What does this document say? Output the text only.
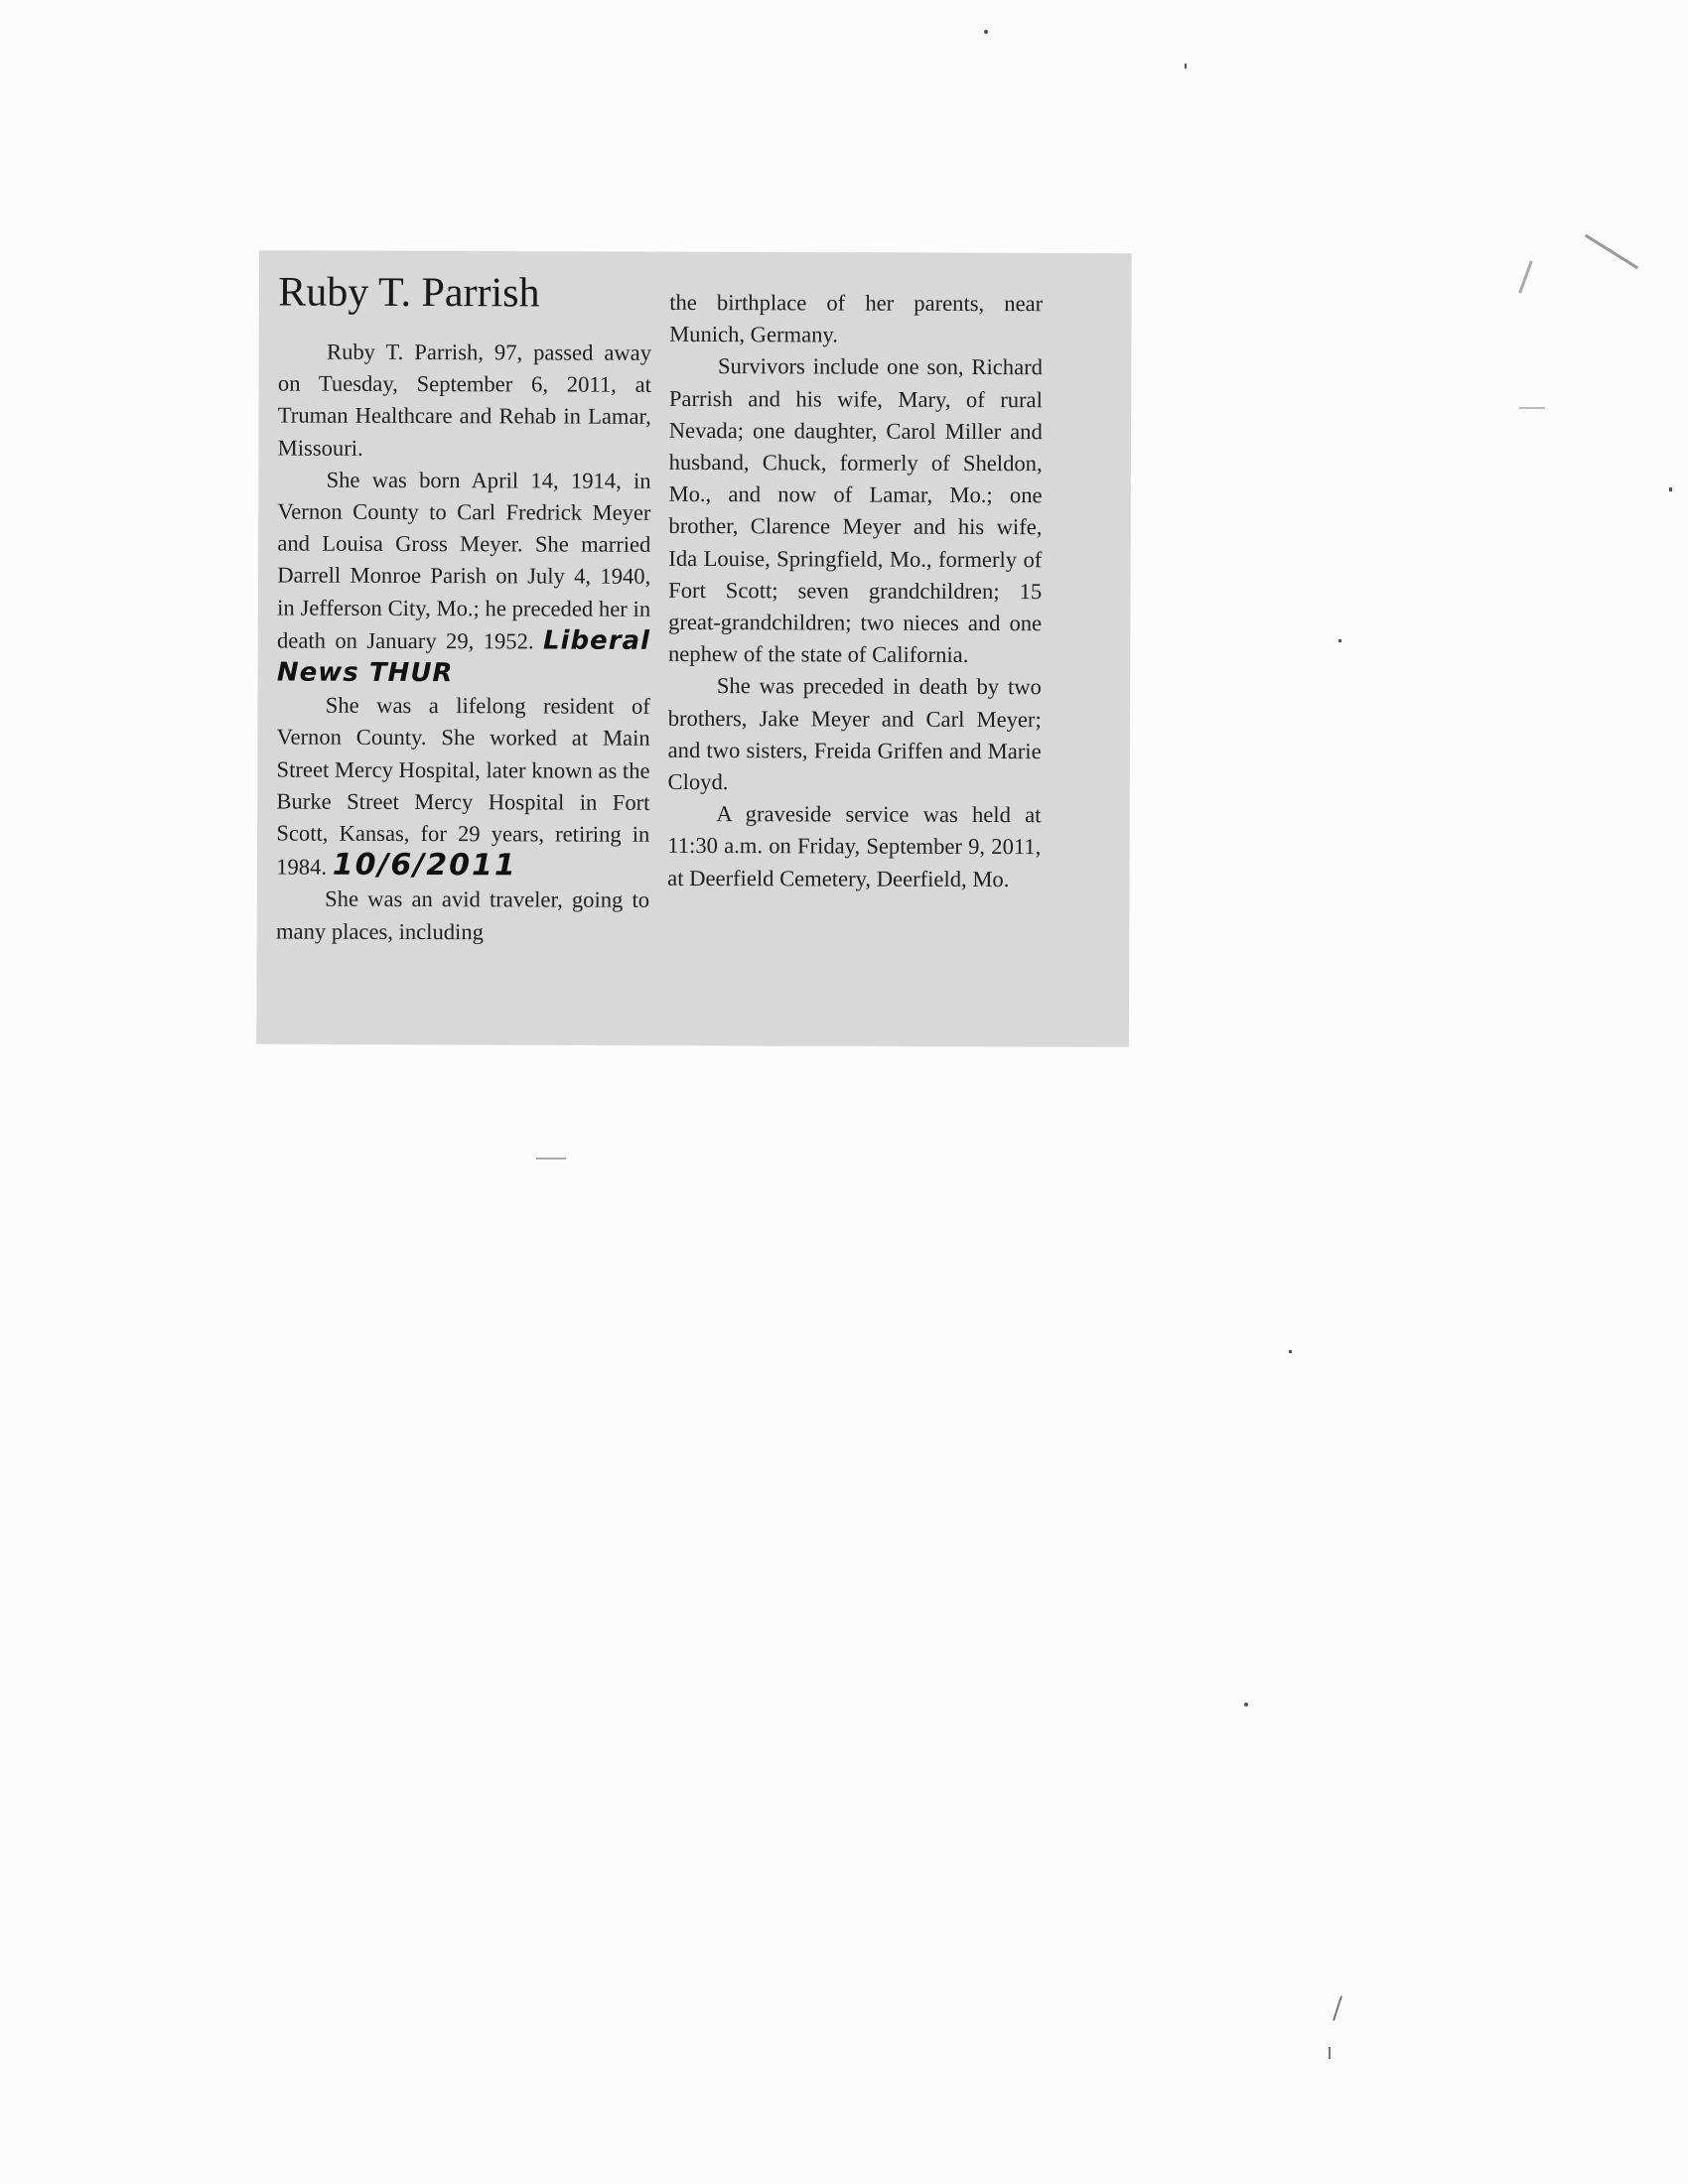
Ruby T. Parrish

Ruby T. Parrish, 97, passed away on Tuesday, September 6, 2011, at Truman Healthcare and Rehab in Lamar, Missouri.

She was born April 14, 1914, in Vernon County to Carl Fredrick Meyer and Louisa Gross Meyer. She married Darrell Monroe Parish on July 4, 1940, in Jefferson City, Mo.; he preceded her in death on January 29, 1952. Liberal News THUR

She was a lifelong resident of Vernon County. She worked at Main Street Mercy Hospital, later known as the Burke Street Mercy Hospital in Fort Scott, Kansas, for 29 years, retiring in 1984. 10/6/2011

She was an avid traveler, going to many places, including

the birthplace of her parents, near Munich, Germany.

Survivors include one son, Richard Parrish and his wife, Mary, of rural Nevada; one daughter, Carol Miller and husband, Chuck, formerly of Sheldon, Mo., and now of Lamar, Mo.; one brother, Clarence Meyer and his wife, Ida Louise, Springfield, Mo., formerly of Fort Scott; seven grandchildren; 15 great-grandchildren; two nieces and one nephew of the state of California.

She was preceded in death by two brothers, Jake Meyer and Carl Meyer; and two sisters, Freida Griffen and Marie Cloyd.

A graveside service was held at 11:30 a.m. on Friday, September 9, 2011, at Deerfield Cemetery, Deerfield, Mo.
